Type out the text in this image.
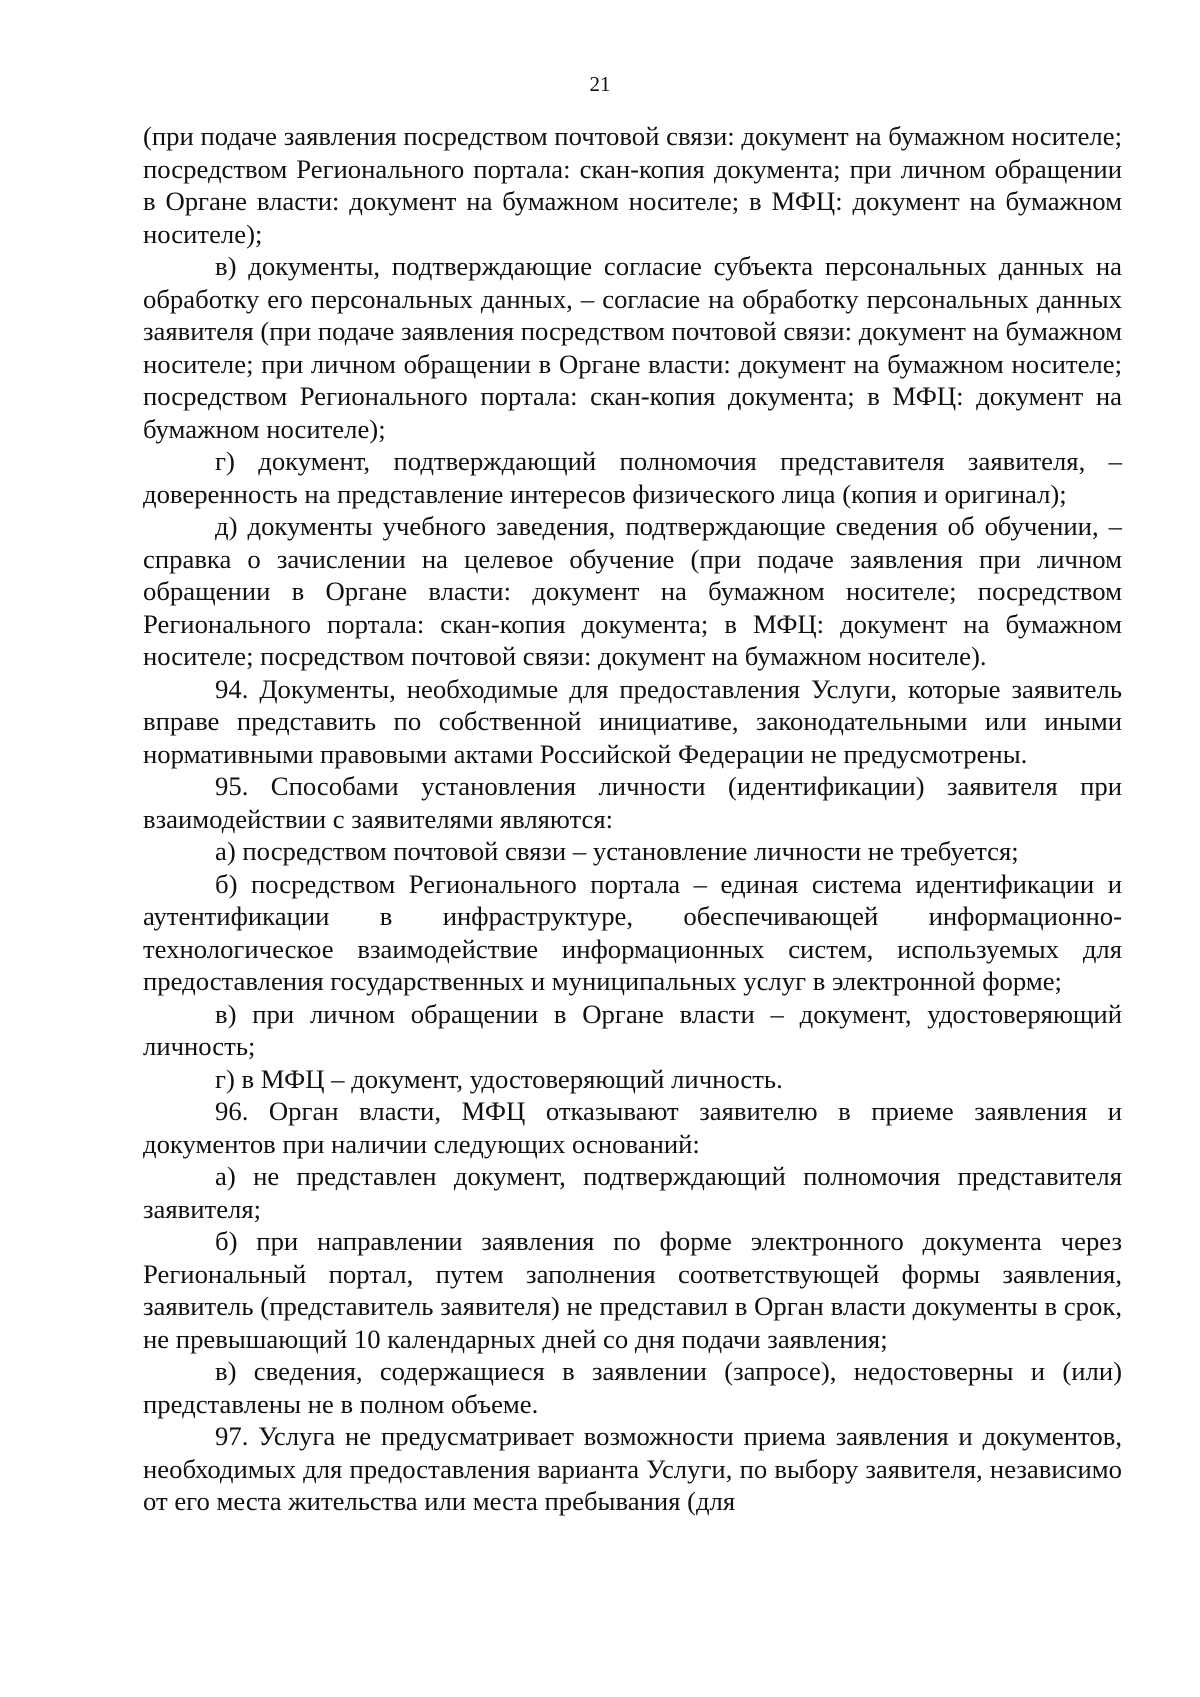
21

(при подаче заявления посредством почтовой связи: документ на бумажном носителе; посредством Регионального портала: скан-копия документа; при личном обращении в Органе власти: документ на бумажном носителе; в МФЦ: документ на бумажном носителе);

в) документы, подтверждающие согласие субъекта персональных данных на обработку его персональных данных, – согласие на обработку персональных данных заявителя (при подаче заявления посредством почтовой связи: документ на бумажном носителе; при личном обращении в Органе власти: документ на бумажном носителе; посредством Регионального портала: скан-копия документа; в МФЦ: документ на бумажном носителе);

г) документ, подтверждающий полномочия представителя заявителя, – доверенность на представление интересов физического лица (копия и оригинал);

д) документы учебного заведения, подтверждающие сведения об обучении, – справка о зачислении на целевое обучение (при подаче заявления при личном обращении в Органе власти: документ на бумажном носителе; посредством Регионального портала: скан-копия документа; в МФЦ: документ на бумажном носителе; посредством почтовой связи: документ на бумажном носителе).

94. Документы, необходимые для предоставления Услуги, которые заявитель вправе представить по собственной инициативе, законодательными или иными нормативными правовыми актами Российской Федерации не предусмотрены.

95. Способами установления личности (идентификации) заявителя при взаимодействии с заявителями являются:

а) посредством почтовой связи – установление личности не требуется;

б) посредством Регионального портала – единая система идентификации и аутентификации в инфраструктуре, обеспечивающей информационно-технологическое взаимодействие информационных систем, используемых для предоставления государственных и муниципальных услуг в электронной форме;

в) при личном обращении в Органе власти – документ, удостоверяющий личность;

г) в МФЦ – документ, удостоверяющий личность.

96. Орган власти, МФЦ отказывают заявителю в приеме заявления и документов при наличии следующих оснований:

а) не представлен документ, подтверждающий полномочия представителя заявителя;

б) при направлении заявления по форме электронного документа через Региональный портал, путем заполнения соответствующей формы заявления, заявитель (представитель заявителя) не представил в Орган власти документы в срок, не превышающий 10 календарных дней со дня подачи заявления;

в) сведения, содержащиеся в заявлении (запросе), недостоверны и (или) представлены не в полном объеме.

97. Услуга не предусматривает возможности приема заявления и документов, необходимых для предоставления варианта Услуги, по выбору заявителя, независимо от его места жительства или места пребывания (для
